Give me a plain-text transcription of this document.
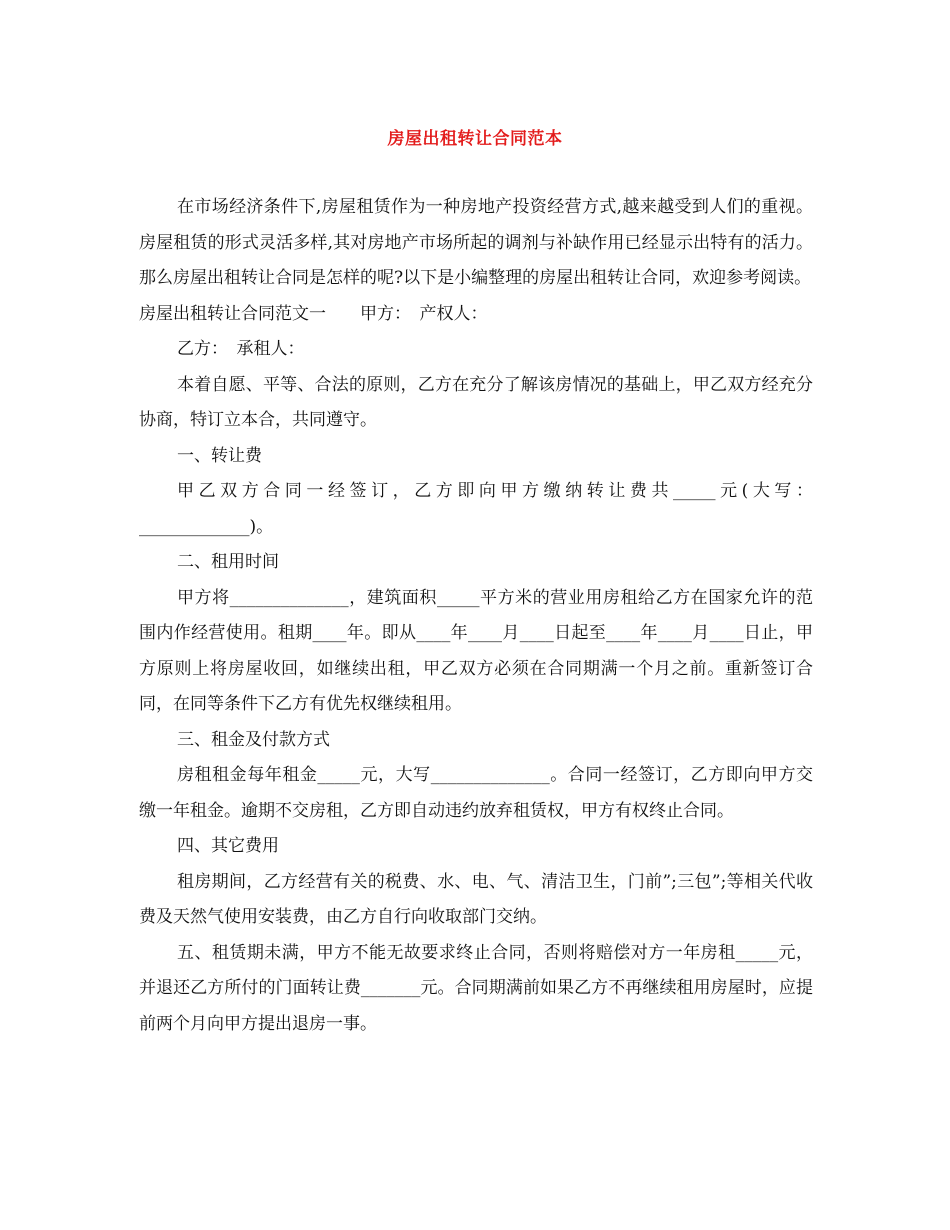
房屋出租转让合同范本

在市场经济条件下,房屋租赁作为一种房地产投资经营方式,越来越受到人们的重视。房屋租赁的形式灵活多样,其对房地产市场所起的调剂与补缺作用已经显示出特有的活力。那么房屋出租转让合同是怎样的呢?以下是小编整理的房屋出租转让合同，欢迎参考阅读。

房屋出租转让合同范文一　　甲方：　产权人：

乙方：　承租人：

本着自愿、平等、合法的原则，乙方在充分了解该房情况的基础上，甲乙双方经充分协商，特订立本合，共同遵守。

一、转让费

甲乙双方合同一经签订，乙方即向甲方缴纳转让费共_____元(大写：_____________)。

二、租用时间

甲方将______________，建筑面积_____平方米的营业用房租给乙方在国家允许的范围内作经营使用。租期____年。即从____年____月____日起至____年____月____日止，甲方原则上将房屋收回，如继续出租，甲乙双方必须在合同期满一个月之前。重新签订合同，在同等条件下乙方有优先权继续租用。

三、租金及付款方式

房租租金每年租金_____元，大写______________。合同一经签订，乙方即向甲方交缴一年租金。逾期不交房租，乙方即自动违约放弃租赁权，甲方有权终止合同。

四、其它费用

租房期间，乙方经营有关的税费、水、电、气、清洁卫生，门前”;三包”;等相关代收费及天然气使用安装费，由乙方自行向收取部门交纳。

五、租赁期未满，甲方不能无故要求终止合同，否则将赔偿对方一年房租_____元，并退还乙方所付的门面转让费_______元。合同期满前如果乙方不再继续租用房屋时，应提前两个月向甲方提出退房一事。
